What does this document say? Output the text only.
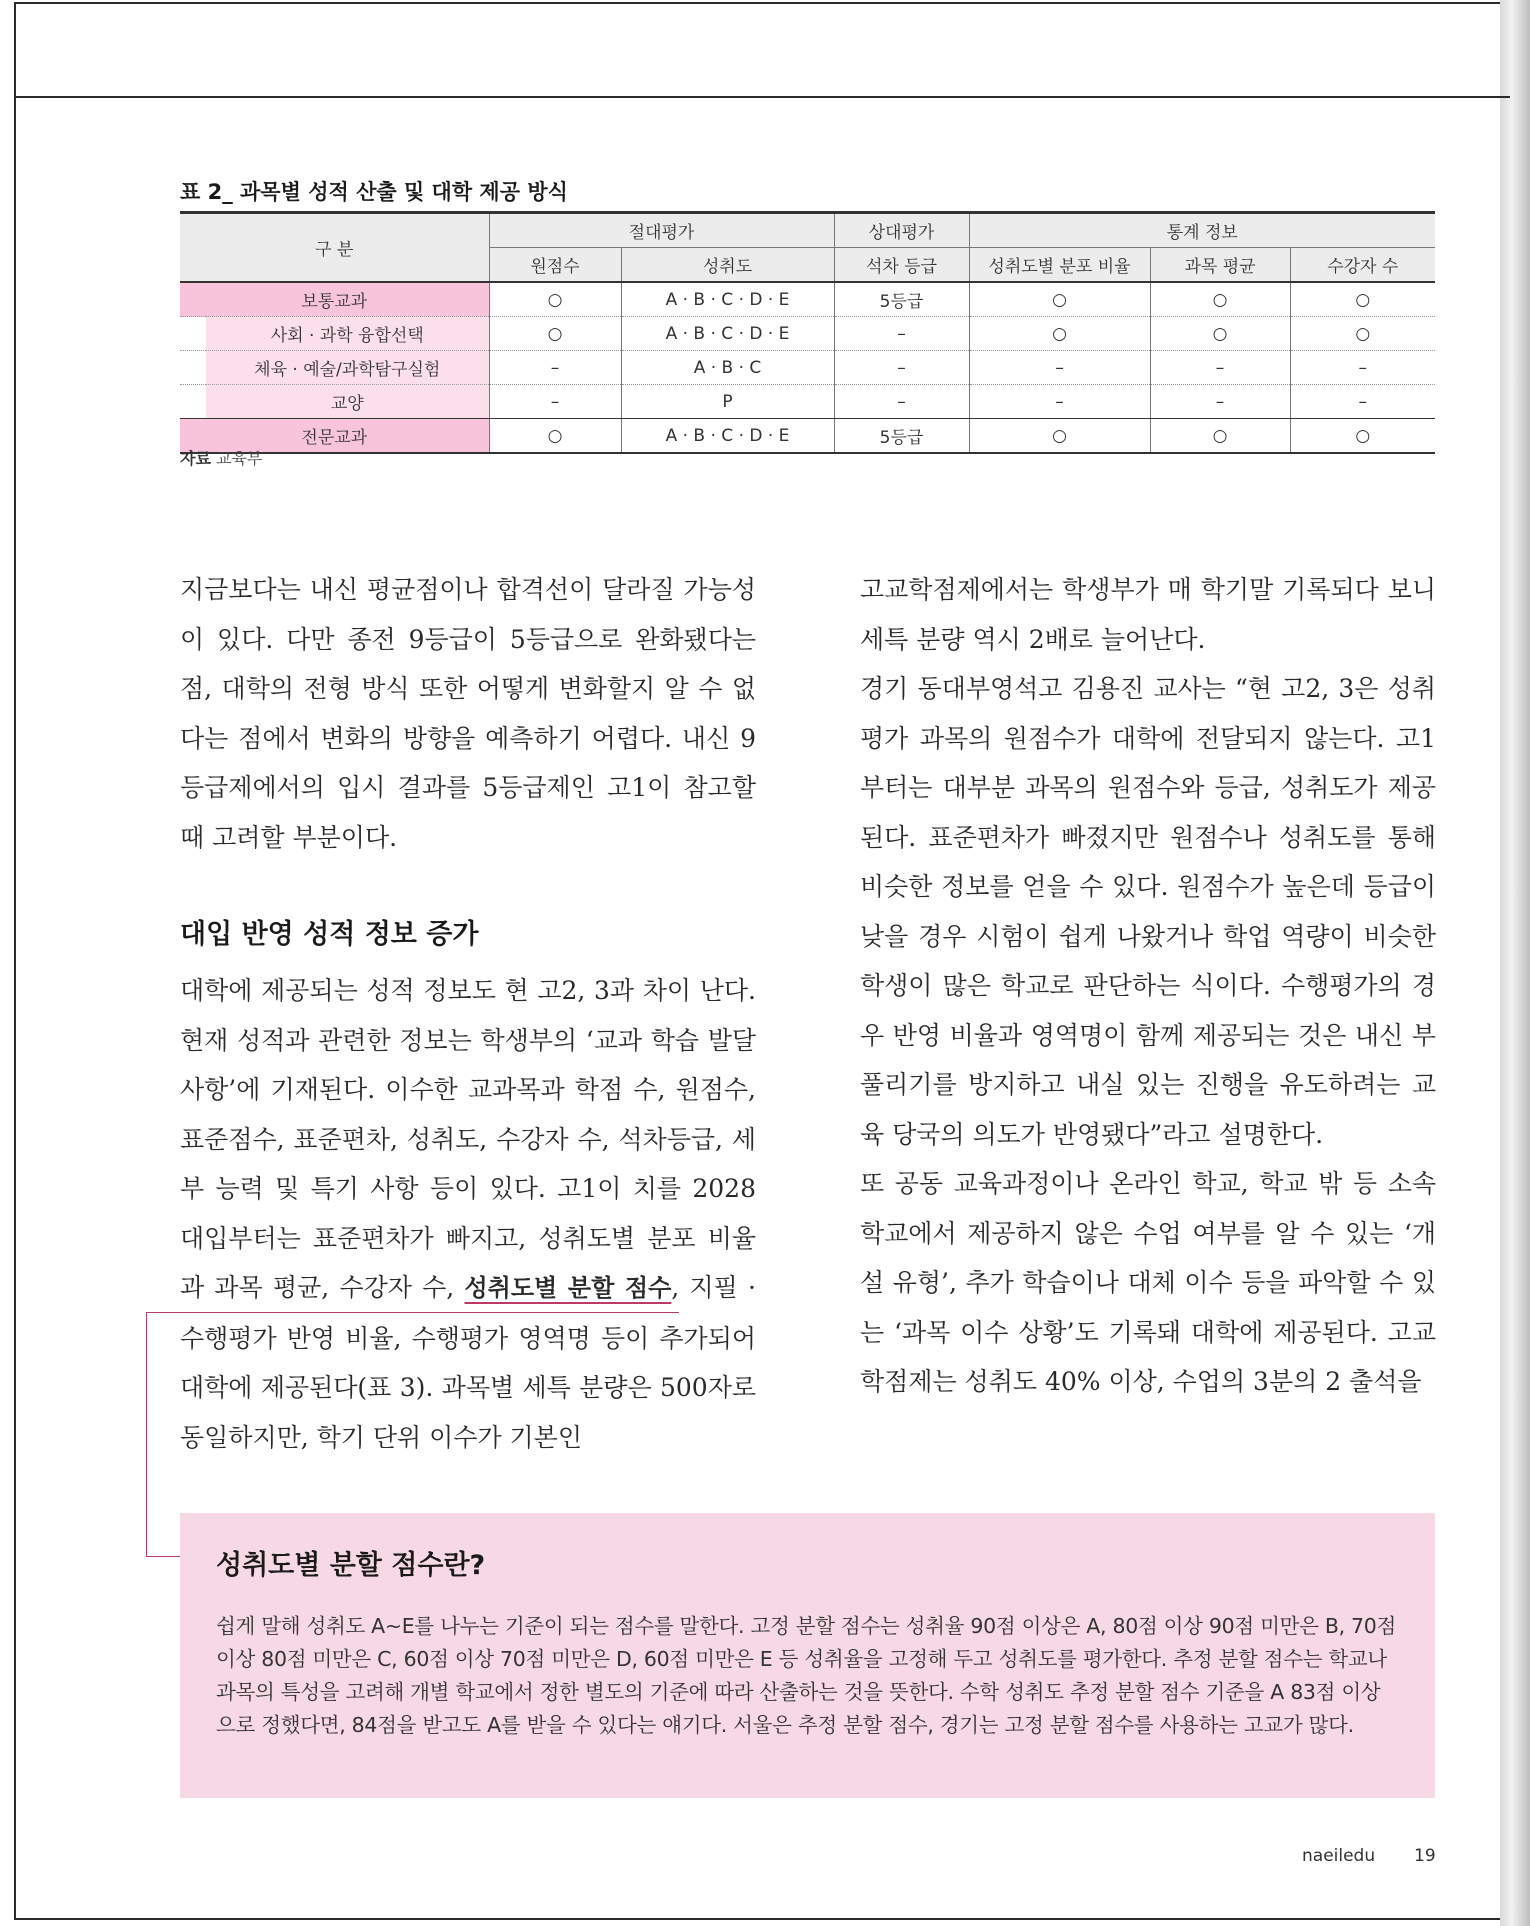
표 2_ 과목별 성적 산출 및 대학 제공 방식
구 분		절대평가		상대평가	통계 정보		
		원점수	성취도	석차 등급	성취도별 분포 비율	과목 평균	수강자 수
보통교과		○	A · B · C · D · E	5등급	○	○	○
	사회 · 과학 융합선택	○	A · B · C · D · E	–	○	○	○
	체육 · 예술/과학탐구실험	–	A · B · C	–	–	–	–
	교양	–	P	–	–	–	–
전문교과		○	A · B · C · D · E	5등급	○	○	○
자료 교육부

지금보다는 내신 평균점이나 합격선이 달라질 가능성이 있다. 다만 종전 9등급이 5등급으로 완화됐다는 점, 대학의 전형 방식 또한 어떻게 변화할지 알 수 없다는 점에서 변화의 방향을 예측하기 어렵다. 내신 9등급제에서의 입시 결과를 5등급제인 고1이 참고할 때 고려할 부분이다.

대입 반영 성적 정보 증가

대학에 제공되는 성적 정보도 현 고2, 3과 차이 난다. 현재 성적과 관련한 정보는 학생부의 ‘교과 학습 발달 사항’에 기재된다. 이수한 교과목과 학점 수, 원점수, 표준점수, 표준편차, 성취도, 수강자 수, 석차등급, 세부 능력 및 특기 사항 등이 있다. 고1이 치를 2028 대입부터는 표준편차가 빠지고, 성취도별 분포 비율과 과목 평균, 수강자 수, 성취도별 분할 점수, 지필 · 수행평가 반영 비율, 수행평가 영역명 등이 추가되어 대학에 제공된다(표 3). 과목별 세특 분량은 500자로 동일하지만, 학기 단위 이수가 기본인

고교학점제에서는 학생부가 매 학기말 기록되다 보니 세특 분량 역시 2배로 늘어난다.

경기 동대부영석고 김용진 교사는 “현 고2, 3은 성취평가 과목의 원점수가 대학에 전달되지 않는다. 고1부터는 대부분 과목의 원점수와 등급, 성취도가 제공된다. 표준편차가 빠졌지만 원점수나 성취도를 통해 비슷한 정보를 얻을 수 있다. 원점수가 높은데 등급이 낮을 경우 시험이 쉽게 나왔거나 학업 역량이 비슷한 학생이 많은 학교로 판단하는 식이다. 수행평가의 경우 반영 비율과 영역명이 함께 제공되는 것은 내신 부풀리기를 방지하고 내실 있는 진행을 유도하려는 교육 당국의 의도가 반영됐다”라고 설명한다.

또 공동 교육과정이나 온라인 학교, 학교 밖 등 소속 학교에서 제공하지 않은 수업 여부를 알 수 있는 ‘개설 유형’, 추가 학습이나 대체 이수 등을 파악할 수 있는 ‘과목 이수 상황’도 기록돼 대학에 제공된다. 고교학점제는 성취도 40% 이상, 수업의 3분의 2 출석을

성취도별 분할 점수란?

쉽게 말해 성취도 A~E를 나누는 기준이 되는 점수를 말한다. 고정 분할 점수는 성취율 90점 이상은 A, 80점 이상 90점 미만은 B, 70점 이상 80점 미만은 C, 60점 이상 70점 미만은 D, 60점 미만은 E 등 성취율을 고정해 두고 성취도를 평가한다. 추정 분할 점수는 학교나 과목의 특성을 고려해 개별 학교에서 정한 별도의 기준에 따라 산출하는 것을 뜻한다. 수학 성취도 추정 분할 점수 기준을 A 83점 이상으로 정했다면, 84점을 받고도 A를 받을 수 있다는 얘기다. 서울은 추정 분할 점수, 경기는 고정 분할 점수를 사용하는 고교가 많다.

naeiledu 19
